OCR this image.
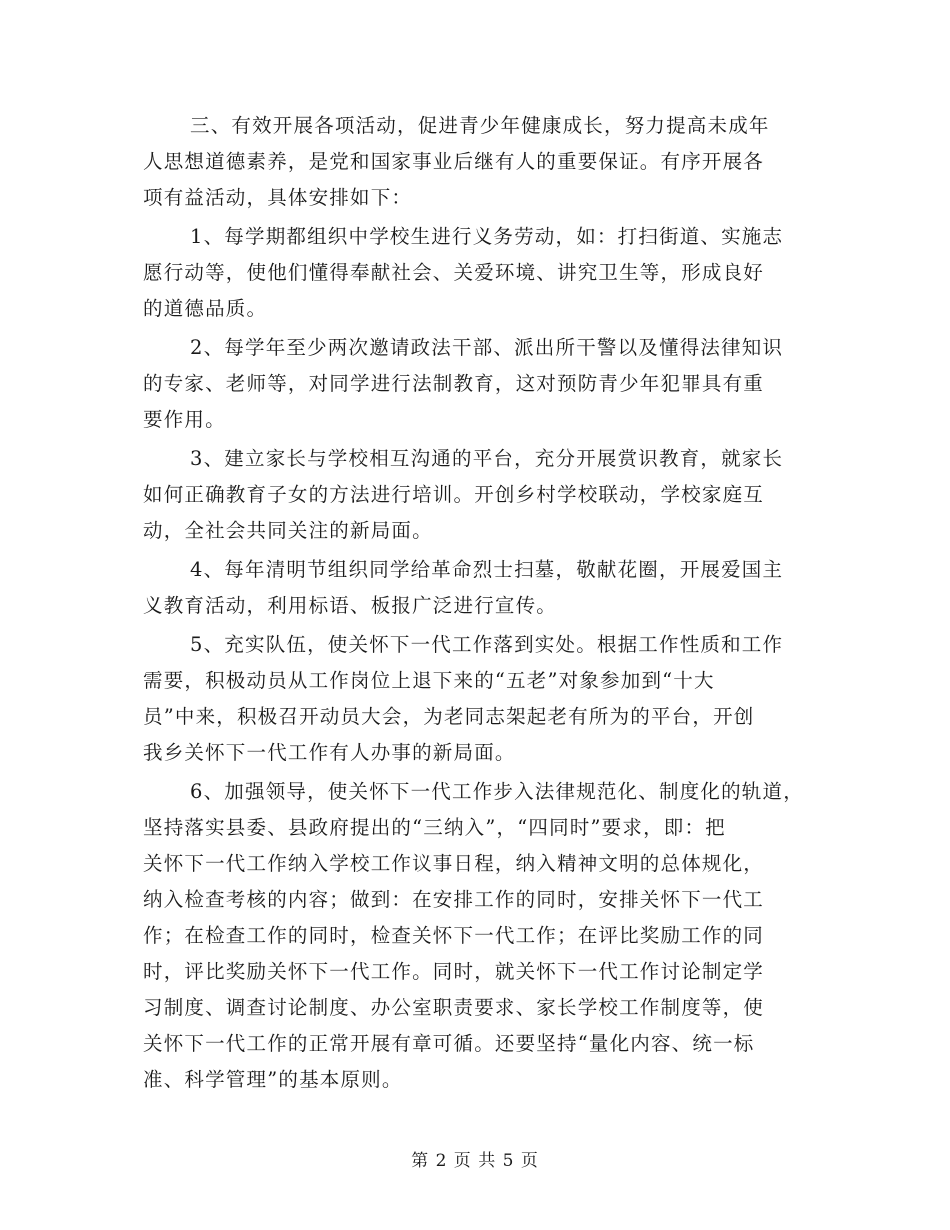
三、有效开展各项活动，促进青少年健康成长，努力提高未成年
人思想道德素养，是党和国家事业后继有人的重要保证。有序开展各
项有益活动，具体安排如下：
1、每学期都组织中学校生进行义务劳动，如：打扫街道、实施志
愿行动等，使他们懂得奉献社会、关爱环境、讲究卫生等，形成良好
的道德品质。
2、每学年至少两次邀请政法干部、派出所干警以及懂得法律知识
的专家、老师等，对同学进行法制教育，这对预防青少年犯罪具有重
要作用。
3、建立家长与学校相互沟通的平台，充分开展赏识教育，就家长
如何正确教育子女的方法进行培训。开创乡村学校联动，学校家庭互
动，全社会共同关注的新局面。
4、每年清明节组织同学给革命烈士扫墓，敬献花圈，开展爱国主
义教育活动，利用标语、板报广泛进行宣传。
5、充实队伍，使关怀下一代工作落到实处。根据工作性质和工作
需要，积极动员从工作岗位上退下来的“五老”对象参加到“十大
员”中来，积极召开动员大会，为老同志架起老有所为的平台，开创
我乡关怀下一代工作有人办事的新局面。
6、加强领导，使关怀下一代工作步入法律规范化、制度化的轨道，
坚持落实县委、县政府提出的“三纳入”，“四同时”要求，即：把
关怀下一代工作纳入学校工作议事日程，纳入精神文明的总体规化，
纳入检查考核的内容；做到：在安排工作的同时，安排关怀下一代工
作；在检查工作的同时，检查关怀下一代工作；在评比奖励工作的同
时，评比奖励关怀下一代工作。同时，就关怀下一代工作讨论制定学
习制度、调查讨论制度、办公室职责要求、家长学校工作制度等，使
关怀下一代工作的正常开展有章可循。还要坚持“量化内容、统一标
准、科学管理”的基本原则。
第 2 页 共 5 页
